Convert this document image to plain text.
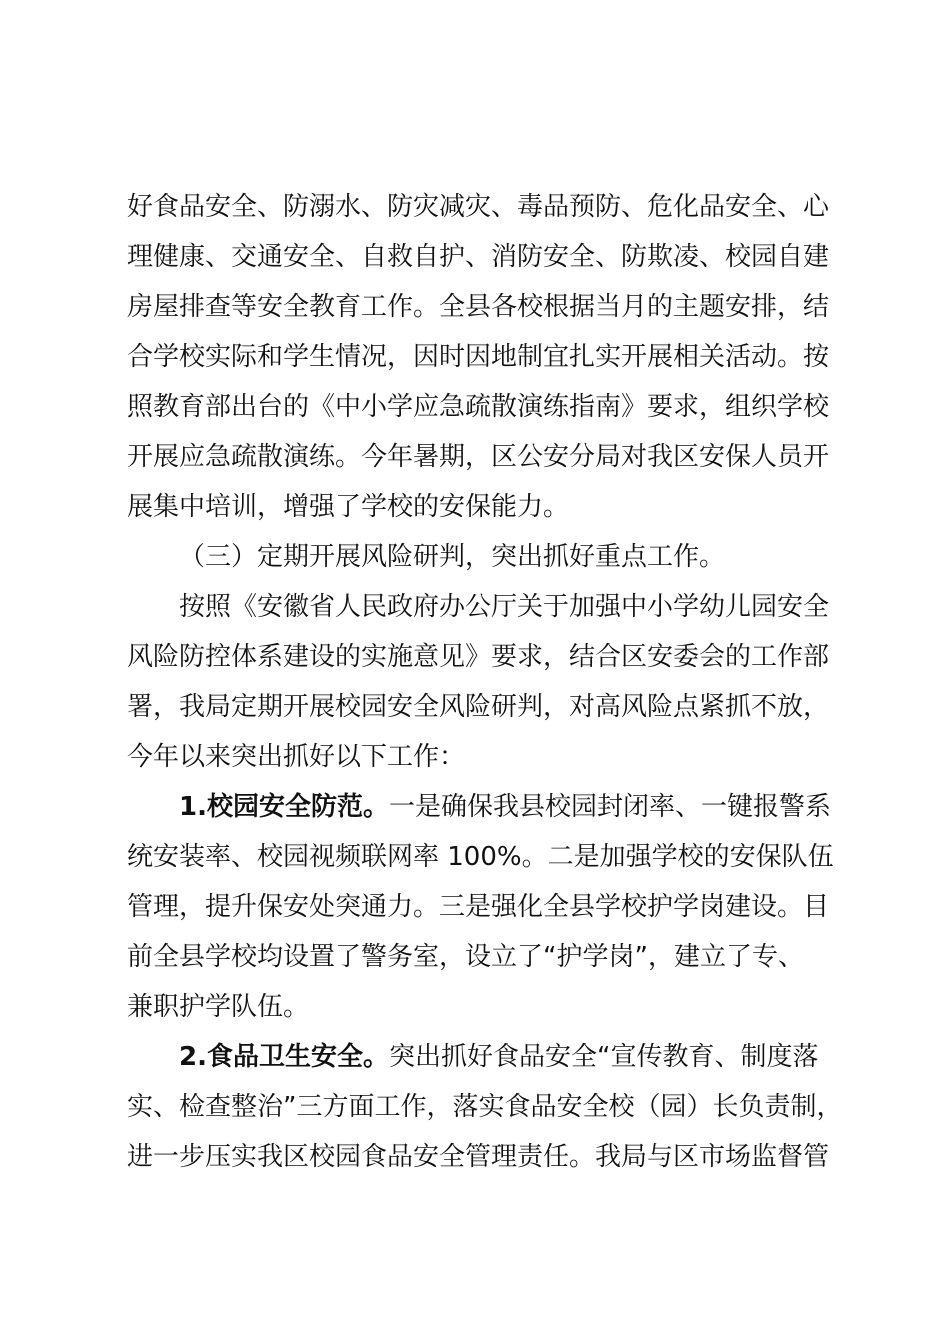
好食品安全、防溺水、防灾减灾、毒品预防、危化品安全、心
理健康、交通安全、自救自护、消防安全、防欺凌、校园自建
房屋排查等安全教育工作。全县各校根据当月的主题安排，结
合学校实际和学生情况，因时因地制宜扎实开展相关活动。按
照教育部出台的《中小学应急疏散演练指南》要求，组织学校
开展应急疏散演练。今年暑期，区公安分局对我区安保人员开
展集中培训，增强了学校的安保能力。
（三）定期开展风险研判，突出抓好重点工作。
按照《安徽省人民政府办公厅关于加强中小学幼儿园安全
风险防控体系建设的实施意见》要求，结合区安委会的工作部
署，我局定期开展校园安全风险研判，对高风险点紧抓不放，
今年以来突出抓好以下工作：
1.校园安全防范。一是确保我县校园封闭率、一键报警系
统安装率、校园视频联网率 100%。二是加强学校的安保队伍
管理，提升保安处突通力。三是强化全县学校护学岗建设。目
前全县学校均设置了警务室，设立了“护学岗”，建立了专、
兼职护学队伍。
2.食品卫生安全。突出抓好食品安全“宣传教育、制度落
实、检查整治”三方面工作，落实食品安全校（园）长负责制，
进一步压实我区校园食品安全管理责任。我局与区市场监督管
